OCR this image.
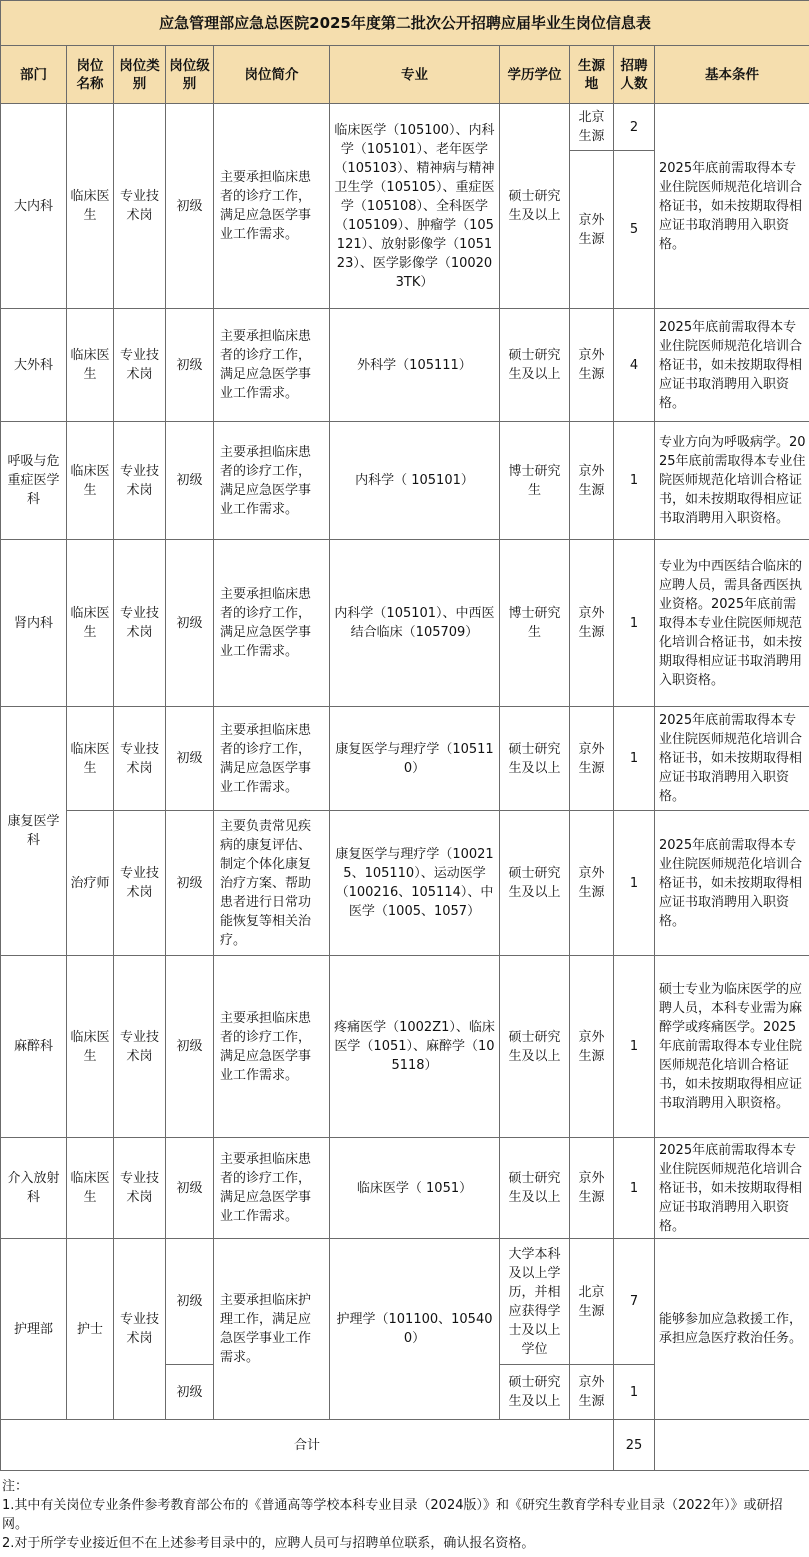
应急管理部应急总医院2025年度第二批次公开招聘应届毕业生岗位信息表									
部门	岗位名称	岗位类别	岗位级别	岗位简介	专业	学历学位	生源地	招聘人数	基本条件
大内科	临床医生	专业技术岗	初级	主要承担临床患者的诊疗工作，满足应急医学事业工作需求。	临床医学（105100）、内科学（105101）、老年医学（105103）、精神病与精神卫生学（105105）、重症医学（105108）、全科医学（105109）、肿瘤学（105121）、放射影像学（105123）、医学影像学（100203TK）	硕士研究生及以上	北京生源	2	2025年底前需取得本专业住院医师规范化培训合格证书，如未按期取得相应证书取消聘用入职资格。
							京外生源	5	
大外科	临床医生	专业技术岗	初级	主要承担临床患者的诊疗工作，满足应急医学事业工作需求。	外科学（105111）	硕士研究生及以上	京外生源	4	2025年底前需取得本专业住院医师规范化培训合格证书，如未按期取得相应证书取消聘用入职资格。
呼吸与危重症医学科	临床医生	专业技术岗	初级	主要承担临床患者的诊疗工作，满足应急医学事业工作需求。	内科学（ 105101）	博士研究生	京外生源	1	专业方向为呼吸病学。2025年底前需取得本专业住院医师规范化培训合格证书，如未按期取得相应证书取消聘用入职资格。
肾内科	临床医生	专业技术岗	初级	主要承担临床患者的诊疗工作，满足应急医学事业工作需求。	内科学（105101）、中西医结合临床（105709）	博士研究生	京外生源	1	专业为中西医结合临床的应聘人员，需具备西医执业资格。2025年底前需取得本专业住院医师规范化培训合格证书，如未按期取得相应证书取消聘用入职资格。
康复医学科	临床医生	专业技术岗	初级	主要承担临床患者的诊疗工作，满足应急医学事业工作需求。	康复医学与理疗学（105110）	硕士研究生及以上	京外生源	1	2025年底前需取得本专业住院医师规范化培训合格证书，如未按期取得相应证书取消聘用入职资格。
	治疗师	专业技术岗	初级	主要负责常见疾病的康复评估、制定个体化康复治疗方案、帮助患者进行日常功能恢复等相关治疗。	康复医学与理疗学（100215、105110）、运动医学（100216、105114）、中医学（1005、1057）	硕士研究生及以上	京外生源	1	2025年底前需取得本专业住院医师规范化培训合格证书，如未按期取得相应证书取消聘用入职资格。
麻醉科	临床医生	专业技术岗	初级	主要承担临床患者的诊疗工作，满足应急医学事业工作需求。	疼痛医学（1002Z1）、临床医学（1051）、麻醉学（105118）	硕士研究生及以上	京外生源	1	硕士专业为临床医学的应聘人员，本科专业需为麻醉学或疼痛医学。2025年底前需取得本专业住院医师规范化培训合格证书，如未按期取得相应证书取消聘用入职资格。
介入放射科	临床医生	专业技术岗	初级	主要承担临床患者的诊疗工作，满足应急医学事业工作需求。	临床医学（ 1051）	硕士研究生及以上	京外生源	1	2025年底前需取得本专业住院医师规范化培训合格证书，如未按期取得相应证书取消聘用入职资格。
护理部	护士	专业技术岗	初级	主要承担临床护理工作，满足应急医学事业工作需求。	护理学（101100、105400）	大学本科及以上学历，并相应获得学士及以上学位	北京生源	7	能够参加应急救援工作，承担应急医疗救治任务。
			初级			硕士研究生及以上	京外生源	1	
合计								25	
注：
1.其中有关岗位专业条件参考教育部公布的《普通高等学校本科专业目录（2024版）》和《研究生教育学科专业目录（2022年）》或研招网。
2.对于所学专业接近但不在上述参考目录中的，应聘人员可与招聘单位联系，确认报名资格。
